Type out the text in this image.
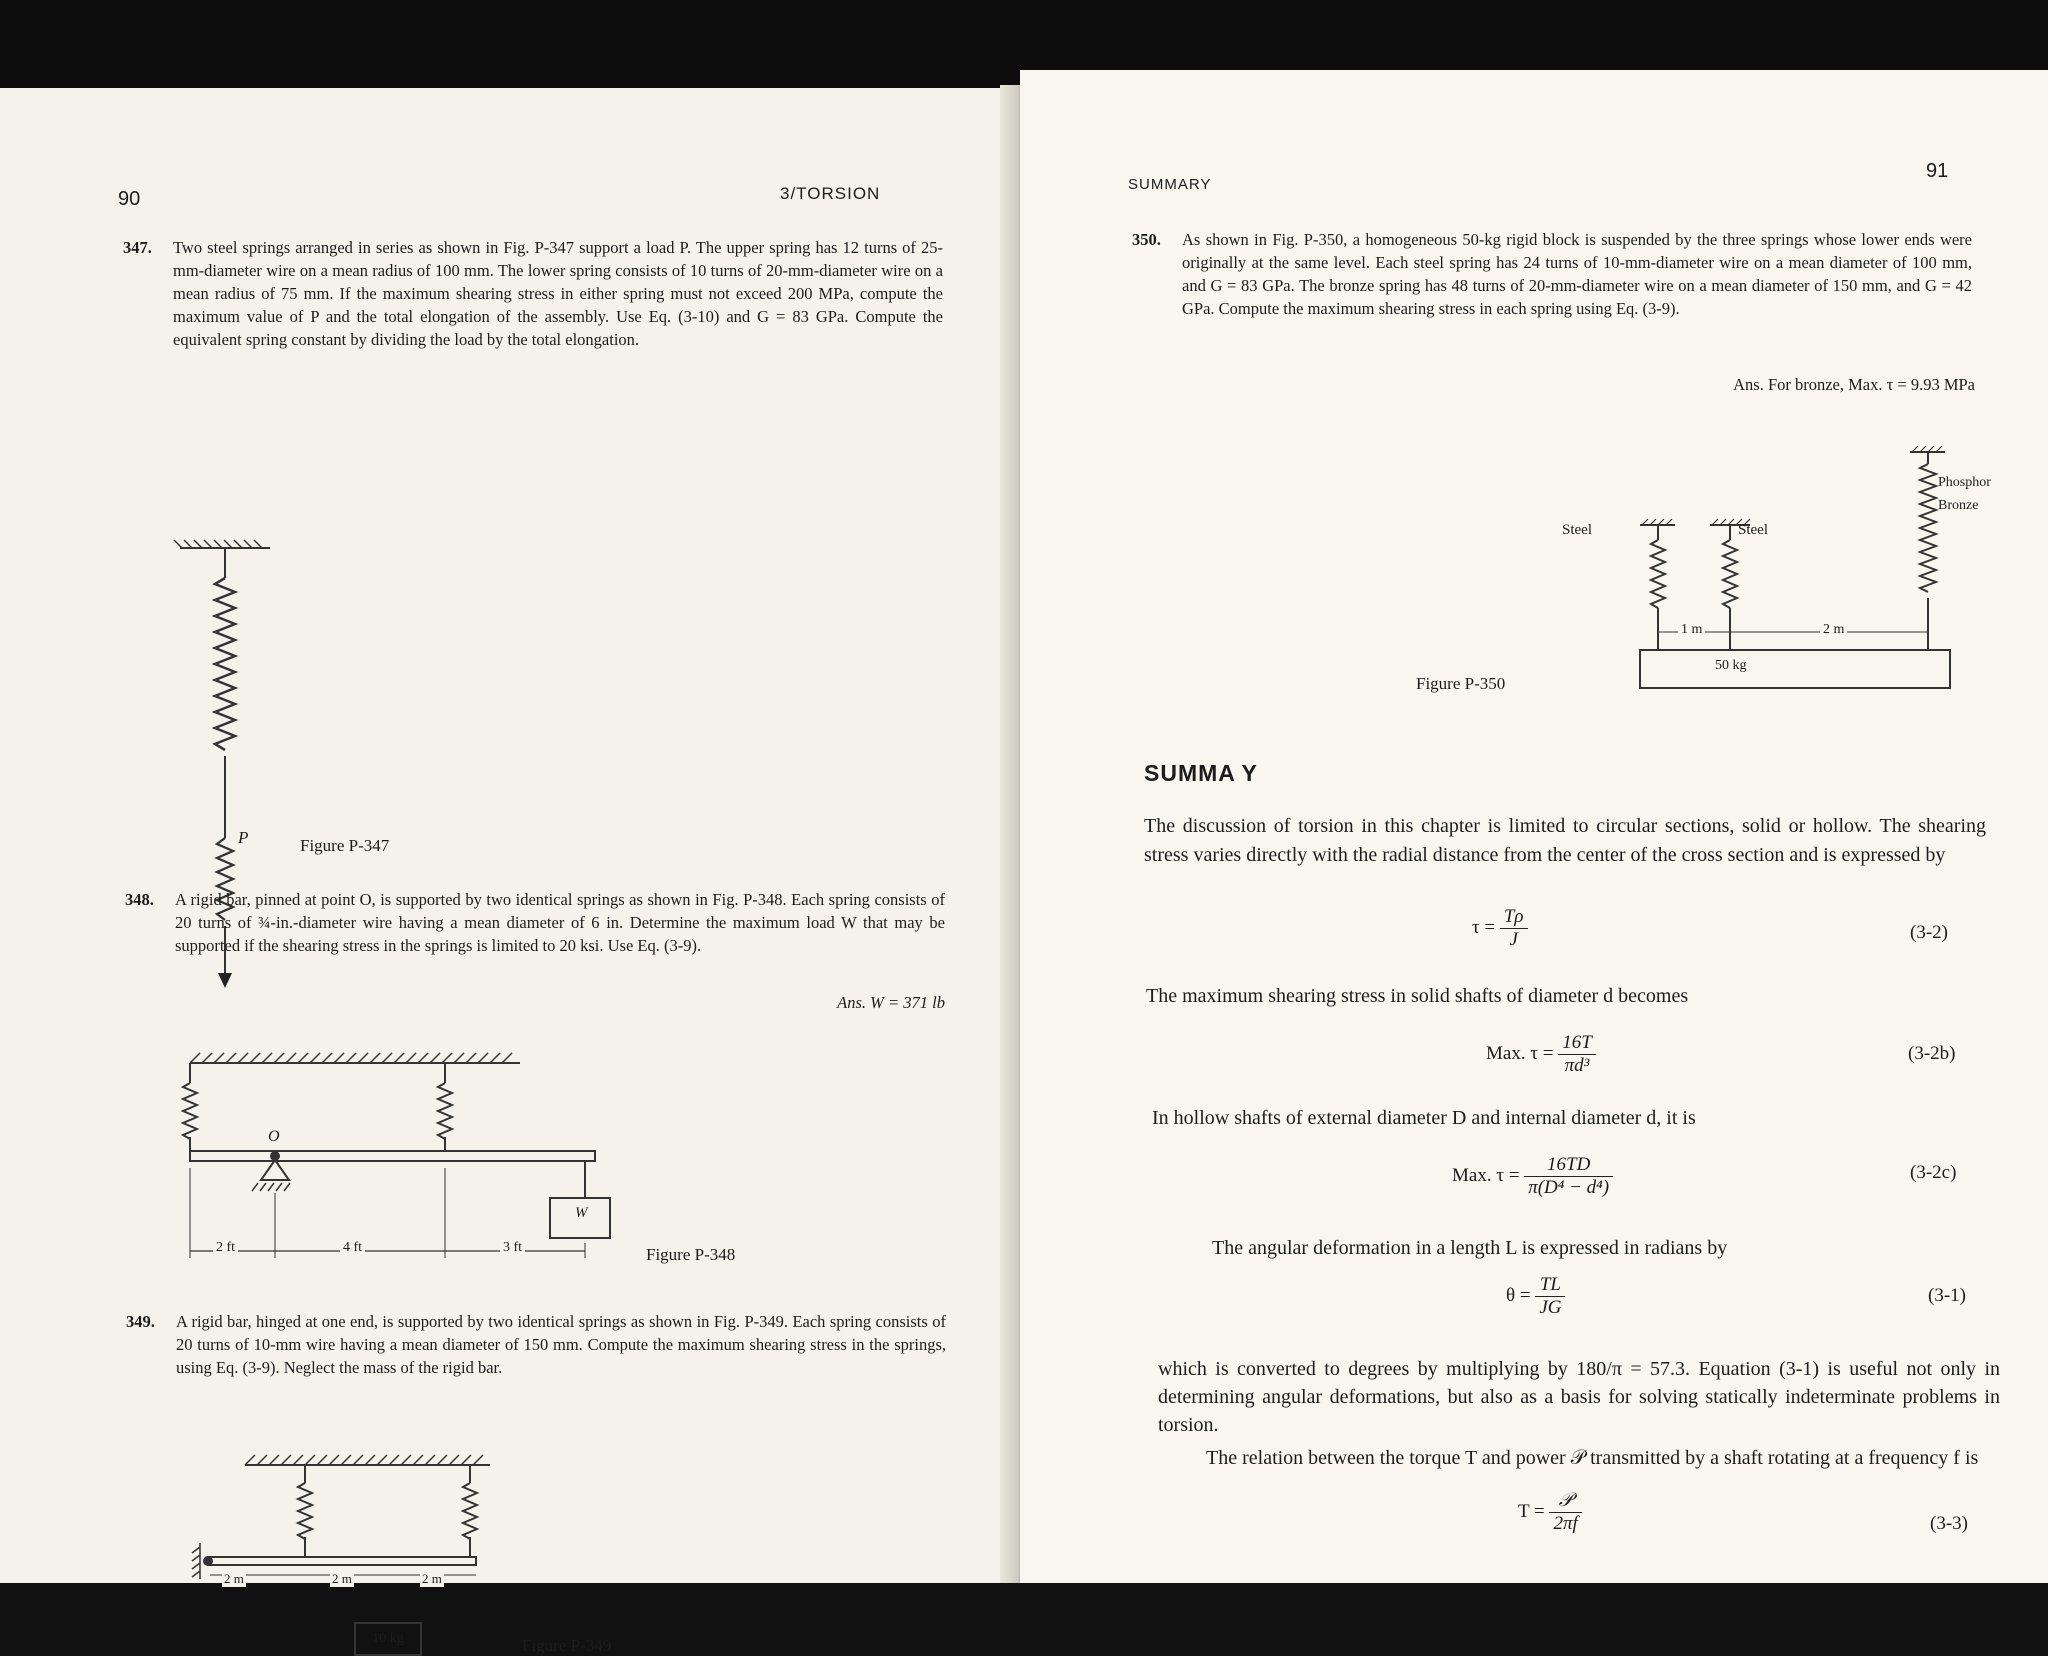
90	3/TORSION
347. Two steel springs arranged in series as shown in Fig. P-347 support a load P. The upper spring has 12 turns of 25-mm-diameter wire on a mean radius of 100 mm. The lower spring consists of 10 turns of 20-mm-diameter wire on a mean radius of 75 mm. If the maximum shearing stress in either spring must not exceed 200 MPa, compute the maximum value of P and the total elongation of the assembly. Use Eq. (3-10) and G = 83 GPa. Compute the equivalent spring constant by dividing the load by the total elongation.
P	Figure P-347
348. A rigid bar, pinned at point O, is supported by two identical springs as shown in Fig. P-348. Each spring consists of 20 turns of ¾-in.-diameter wire having a mean diameter of 6 in. Determine the maximum load W that may be supported if the shearing stress in the springs is limited to 20 ksi. Use Eq. (3-9).
Ans. W = 371 lb
O
W
2 ft	4 ft	3 ft	Figure P-348
349. A rigid bar, hinged at one end, is supported by two identical springs as shown in Fig. P-349. Each spring consists of 20 turns of 10-mm wire having a mean diameter of 150 mm. Compute the maximum shearing stress in the springs, using Eq. (3-9). Neglect the mass of the rigid bar.
2 m	2 m	2 m
10 kg	Figure P-349
SUMMARY
91
350. As shown in Fig. P-350, a homogeneous 50-kg rigid block is suspended by the three springs whose lower ends were originally at the same level. Each steel spring has 24 turns of 10-mm-diameter wire on a mean diameter of 100 mm, and G = 83 GPa. The bronze spring has 48 turns of 20-mm-diameter wire on a mean diameter of 150 mm, and G = 42 GPa. Compute the maximum shearing stress in each spring using Eq. (3-9).
Ans. For bronze, Max. τ = 9.93 MPa
Steel	Steel
Phosphor
Bronze
1 m	2 m
50 kg
Figure P-350
SUMMA Y
The discussion of torsion in this chapter is limited to circular sections, solid or hollow. The shearing stress varies directly with the radial distance from the center of the cross section and is expressed by
$\tau = \frac{T\rho}{J}$	(3-2)
The maximum shearing stress in solid shafts of diameter d becomes
Max. $\tau = \frac{16T}{\text{πd³}}$	(3-2b)
In hollow shafts of external diameter D and internal diameter d, it is
Max. $\tau = \frac{16TD}{\text{π(D⁴ − d⁴)}}$	(3-2c)
The angular deformation in a length L is expressed in radians by
$\theta = \frac{TL}{JG}$	(3-1)
which is converted to degrees by multiplying by 180/π = 57.3. Equation (3-1) is useful not only in determining angular deformations, but also as a basis for solving statically indeterminate problems in torsion.
The relation between the torque T and power 𝒫 transmitted by a shaft rotating at a frequency f is
$T = \frac{\text{𝒫}}{2\pi f}$	(3-3)
